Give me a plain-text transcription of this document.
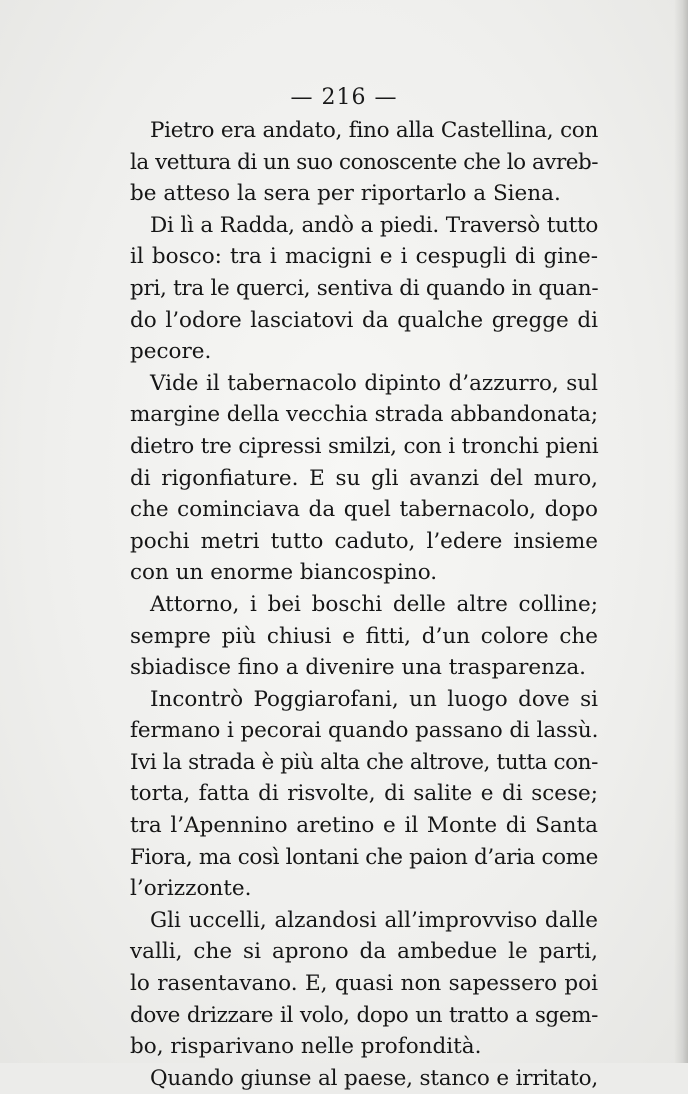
— 216 —
Pietro era andato, fino alla Castellina, con
la vettura di un suo conoscente che lo avreb-
be atteso la sera per riportarlo a Siena.
Di lì a Radda, andò a piedi. Traversò tutto
il bosco: tra i macigni e i cespugli di gine-
pri, tra le querci, sentiva di quando in quan-
do l’odore lasciatovi da qualche gregge di
pecore.
Vide il tabernacolo dipinto d’azzurro, sul
margine della vecchia strada abbandonata;
dietro tre cipressi smilzi, con i tronchi pieni
di rigonfiature. E su gli avanzi del muro,
che cominciava da quel tabernacolo, dopo
pochi metri tutto caduto, l’edere insieme
con un enorme biancospino.
Attorno, i bei boschi delle altre colline;
sempre più chiusi e fitti, d’un colore che
sbiadisce fino a divenire una trasparenza.
Incontrò Poggiarofani, un luogo dove si
fermano i pecorai quando passano di lassù.
Ivi la strada è più alta che altrove, tutta con-
torta, fatta di risvolte, di salite e di scese;
tra l’Apennino aretino e il Monte di Santa
Fiora, ma così lontani che paion d’aria come
l’orizzonte.
Gli uccelli, alzandosi all’improvviso dalle
valli, che si aprono da ambedue le parti,
lo rasentavano. E, quasi non sapessero poi
dove drizzare il volo, dopo un tratto a sgem-
bo, risparivano nelle profondità.
Quando giunse al paese, stanco e irritato,
